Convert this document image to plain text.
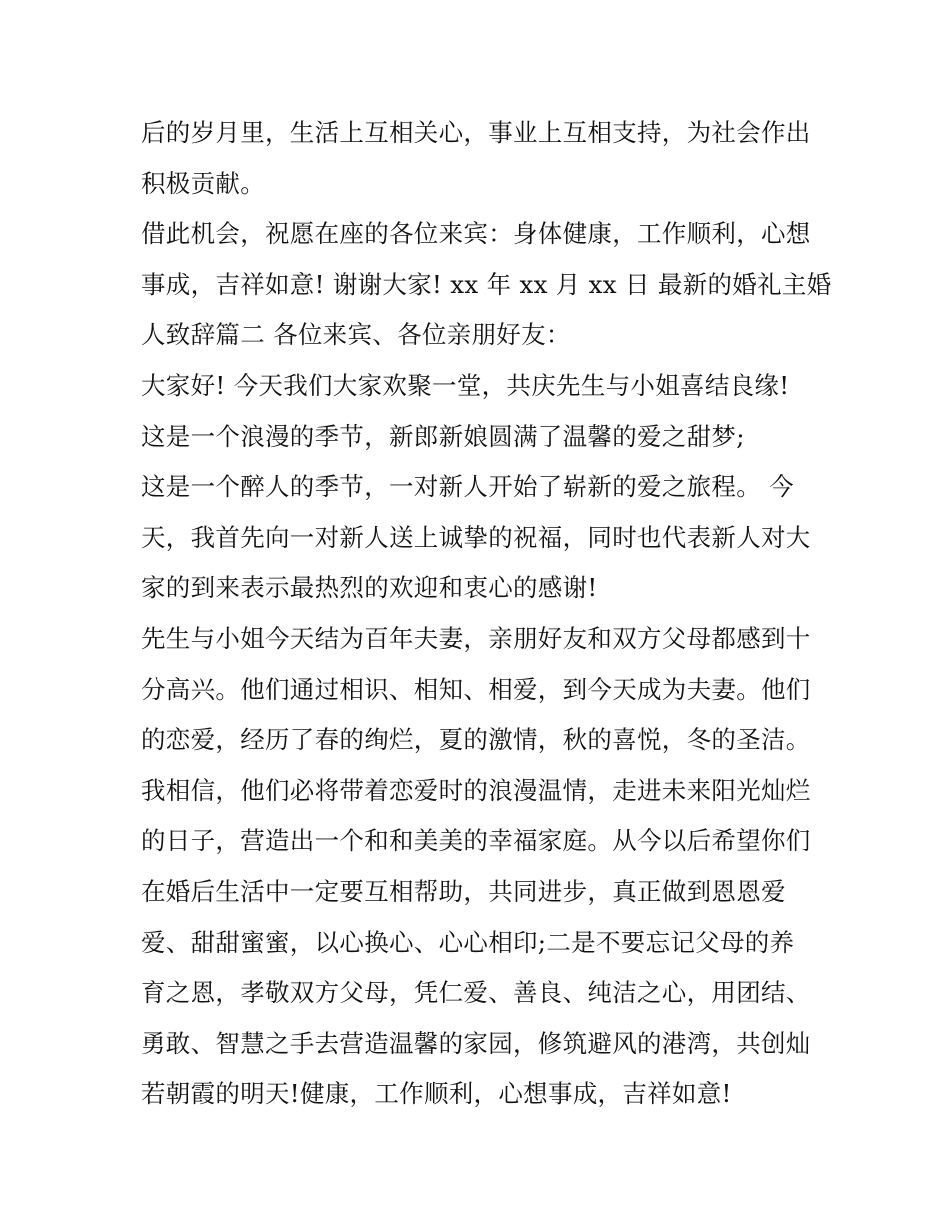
后的岁月里，生活上互相关心，事业上互相支持，为社会作出
积极贡献。
借此机会，祝愿在座的各位来宾：身体健康，工作顺利，心想
事成，吉祥如意! 谢谢大家! xx 年 xx 月 xx 日 最新的婚礼主婚
人致辞篇二 各位来宾、各位亲朋好友：
大家好! 今天我们大家欢聚一堂，共庆先生与小姐喜结良缘!
这是一个浪漫的季节，新郎新娘圆满了温馨的爱之甜梦;
这是一个醉人的季节，一对新人开始了崭新的爱之旅程。 今
天，我首先向一对新人送上诚挚的祝福，同时也代表新人对大
家的到来表示最热烈的欢迎和衷心的感谢!
先生与小姐今天结为百年夫妻，亲朋好友和双方父母都感到十
分高兴。他们通过相识、相知、相爱，到今天成为夫妻。他们
的恋爱，经历了春的绚烂，夏的激情，秋的喜悦，冬的圣洁。
我相信，他们必将带着恋爱时的浪漫温情，走进未来阳光灿烂
的日子，营造出一个和和美美的幸福家庭。从今以后希望你们
在婚后生活中一定要互相帮助，共同进步，真正做到恩恩爱
爱、甜甜蜜蜜，以心换心、心心相印;二是不要忘记父母的养
育之恩，孝敬双方父母，凭仁爱、善良、纯洁之心，用团结、
勇敢、智慧之手去营造温馨的家园，修筑避风的港湾，共创灿
若朝霞的明天!健康，工作顺利，心想事成，吉祥如意!
